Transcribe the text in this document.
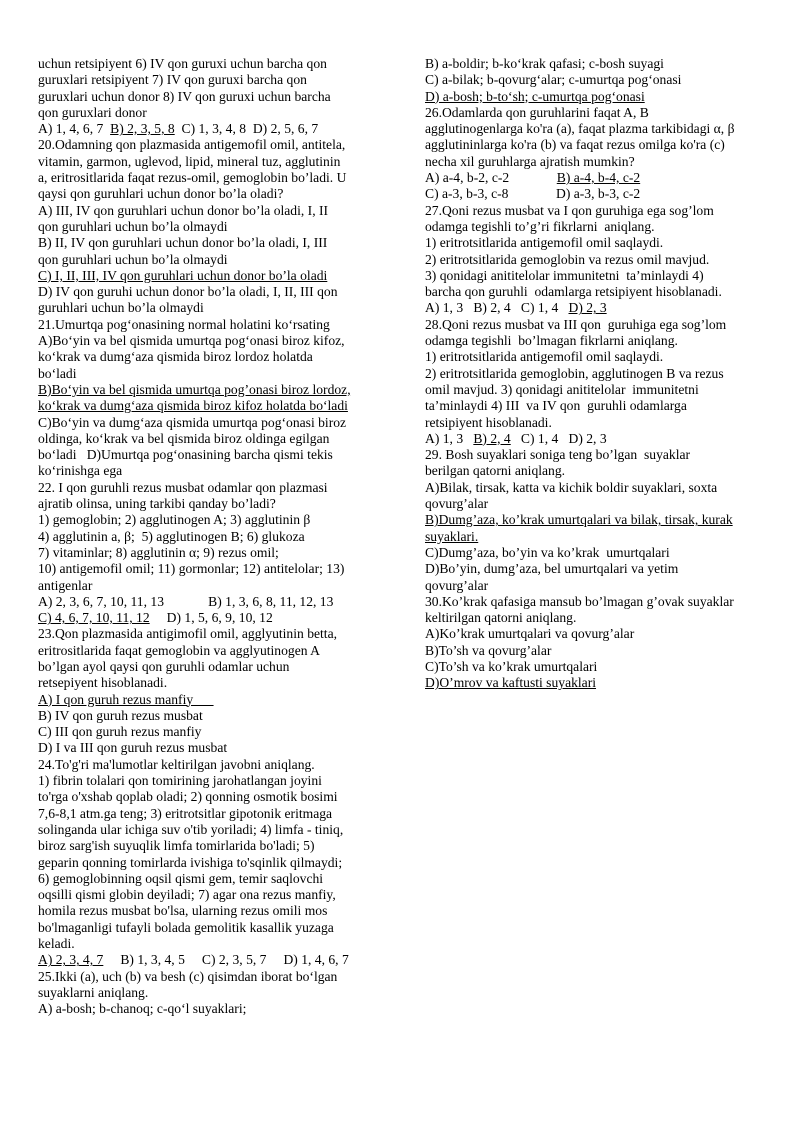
uchun retsipiyent 6) IV qon guruxi uchun barcha qon
guruxlari retsipiyent 7) IV qon guruxi barcha qon
guruxlari uchun donor 8) IV qon guruxi uchun barcha
qon guruxlari donor
A) 1, 4, 6, 7  B) 2, 3, 5, 8  C) 1, 3, 4, 8  D) 2, 5, 6, 7
20.Odamning qon plazmasida antigemofil omil, antitela,
vitamin, garmon, uglevod, lipid, mineral tuz, agglutinin
a, eritrositlarida faqat rezus-omil, gemoglobin bo’ladi. U
qaysi qon guruhlari uchun donor bo’la oladi?
A) III, IV qon guruhlari uchun donor bo’la oladi, I, II
qon guruhlari uchun bo’la olmaydi
B) II, IV qon guruhlari uchun donor bo’la oladi, I, III
qon guruhlari uchun bo’la olmaydi
C) I, II, III, IV qon guruhlari uchun donor bo’la oladi
D) IV qon guruhi uchun donor bo’la oladi, I, II, III qon
guruhlari uchun bo’la olmaydi
21.Umurtqa pog‘onasining normal holatini ko‘rsating
A)Bo‘yin va bel qismida umurtqa pog‘onasi biroz kifoz,
ko‘krak va dumg‘aza qismida biroz lordoz holatda
bo‘ladi
B)Bo‘yin va bel qismida umurtqa pog’onasi biroz lordoz,
ko‘krak va dumg‘aza qismida biroz kifoz holatda bo‘ladi
C)Bo‘yin va dumg‘aza qismida umurtqa pog‘onasi biroz
oldinga, ko‘krak va bel qismida biroz oldinga egilgan
bo‘ladi   D)Umurtqa pog‘onasining barcha qismi tekis
ko‘rinishga ega
22. I qon guruhli rezus musbat odamlar qon plazmasi
ajratib olinsa, uning tarkibi qanday bo’ladi?
1) gemoglobin; 2) agglutinogen A; 3) agglutinin β
4) agglutinin a, β;  5) agglutinogen B; 6) glukoza
7) vitaminlar; 8) agglutinin α; 9) rezus omil;
10) antigemofil omil; 11) gormonlar; 12) antitelolar; 13)
antigenlar
A) 2, 3, 6, 7, 10, 11, 13             B) 1, 3, 6, 8, 11, 12, 13
C) 4, 6, 7, 10, 11, 12     D) 1, 5, 6, 9, 10, 12
23.Qon plazmasida antigimofil omil, agglyutinin betta,
eritrositlarida faqat gemoglobin va agglyutinogen A
bo’lgan ayol qaysi qon guruhli odamlar uchun
retsepiyent hisoblanadi.
A) I qon guruh rezus manfiy
B) IV qon guruh rezus musbat
C) III qon guruh rezus manfiy
D) I va III qon guruh rezus musbat
24.To'g'ri ma'lumotlar keltirilgan javobni aniqlang.
1) fibrin tolalari qon tomirining jarohatlangan joyini
to'rga o'xshab qoplab oladi; 2) qonning osmotik bosimi
7,6-8,1 atm.ga teng; 3) eritrotsitlar gipotonik eritmaga
solinganda ular ichiga suv o'tib yoriladi; 4) limfa - tiniq,
biroz sarg'ish suyuqlik limfa tomirlarida bo'ladi; 5)
geparin qonning tomirlarda ivishiga to'sqinlik qilmaydi;
6) gemoglobinning oqsil qismi gem, temir saqlovchi
oqsilli qismi globin deyiladi; 7) agar ona rezus manfiy,
homila rezus musbat bo'lsa, ularning rezus omili mos
bo'lmaganligi tufayli bolada gemolitik kasallik yuzaga
keladi.
A) 2, 3, 4, 7     B) 1, 3, 4, 5     C) 2, 3, 5, 7     D) 1, 4, 6, 7
25.Ikki (a), uch (b) va besh (c) qisimdan iborat bo‘lgan
suyaklarni aniqlang.
A) a-bosh; b-chanoq; c-qo‘l suyaklari;
B) a-boldir; b-ko‘krak qafasi; c-bosh suyagi
C) a-bilak; b-qovurg‘alar; c-umurtqa pog‘onasi
D) a-bosh; b-to‘sh; c-umurtqa pog‘onasi
26.Odamlarda qon guruhlarini faqat A, B
agglutinogenlarga ko'ra (a), faqat plazma tarkibidagi α, β
agglutininlarga ko'ra (b) va faqat rezus omilga ko'ra (c)
necha xil guruhlarga ajratish mumkin?
A) a-4, b-2, c-2              B) a-4, b-4, c-2
C) a-3, b-3, c-8              D) a-3, b-3, c-2
27.Qoni rezus musbat va I qon guruhiga ega sog’lom
odamga tegishli to’g’ri fikrlarni  aniqlang.
1) eritrotsitlarida antigemofil omil saqlaydi.
2) eritrotsitlarida gemoglobin va rezus omil mavjud.
3) qonidagi anititelolar immunitetni  ta’minlaydi 4)
barcha qon guruhli  odamlarga retsipiyent hisoblanadi.
A) 1, 3   B) 2, 4   C) 1, 4   D) 2, 3
28.Qoni rezus musbat va III qon  guruhiga ega sog’lom
odamga tegishli  bo’lmagan fikrlarni aniqlang.
1) eritrotsitlarida antigemofil omil saqlaydi.
2) eritrotsitlarida gemoglobin, agglutinogen B va rezus
omil mavjud. 3) qonidagi anititelolar  immunitetni
ta’minlaydi 4) III  va IV qon  guruhli odamlarga
retsipiyent hisoblanadi.
A) 1, 3   B) 2, 4   C) 1, 4   D) 2, 3
29. Bosh suyaklari soniga teng bo’lgan  suyaklar
berilgan qatorni aniqlang.
A)Bilak, tirsak, katta va kichik boldir suyaklari, soxta
qovurg’alar
B)Dumg’aza, ko’krak umurtqalari va bilak, tirsak, kurak
suyaklari.
C)Dumg’aza, bo’yin va ko’krak  umurtqalari
D)Bo’yin, dumg’aza, bel umurtqalari va yetim
qovurg’alar
30.Ko’krak qafasiga mansub bo’lmagan g’ovak suyaklar
keltirilgan qatorni aniqlang.
A)Ko’krak umurtqalari va qovurg’alar
B)To’sh va qovurg’alar
C)To’sh va ko’krak umurtqalari
D)O’mrov va kaftusti suyaklari
